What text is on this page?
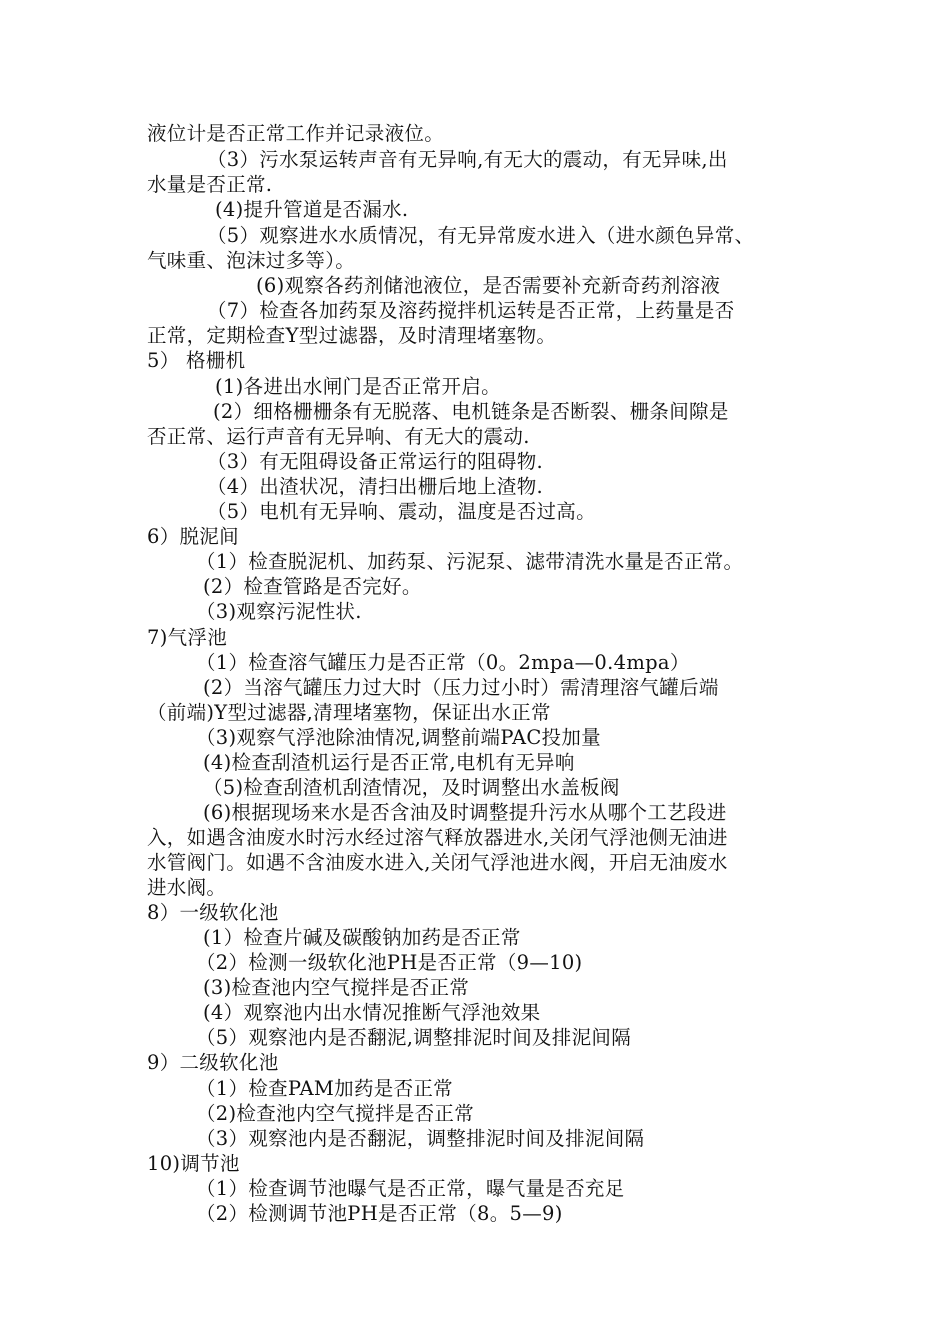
液位计是否正常工作并记录液位。
（3）污水泵运转声音有无异响,有无大的震动，有无异味,出
水量是否正常.
(4)提升管道是否漏水.
（5）观察进水水质情况，有无异常废水进入（进水颜色异常、
气味重、泡沫过多等）。
(6)观察各药剂储池液位，是否需要补充新奇药剂溶液
（7）检查各加药泵及溶药搅拌机运转是否正常，上药量是否
正常，定期检查Y型过滤器，及时清理堵塞物。
5） 格栅机
(1)各进出水闸门是否正常开启。
(2）细格栅栅条有无脱落、电机链条是否断裂、栅条间隙是
否正常、运行声音有无异响、有无大的震动.
（3）有无阻碍设备正常运行的阻碍物.
（4）出渣状况，清扫出栅后地上渣物.
（5）电机有无异响、震动，温度是否过高。
6）脱泥间
（1）检查脱泥机、加药泵、污泥泵、滤带清洗水量是否正常。
(2）检查管路是否完好。
（3)观察污泥性状.
7)气浮池
（1）检查溶气罐压力是否正常（0。2mpa—0.4mpa）
(2）当溶气罐压力过大时（压力过小时）需清理溶气罐后端
（前端)Y型过滤器,清理堵塞物，保证出水正常
（3)观察气浮池除油情况,调整前端PAC投加量
(4)检查刮渣机运行是否正常,电机有无异响
（5)检查刮渣机刮渣情况，及时调整出水盖板阀
(6)根据现场来水是否含油及时调整提升污水从哪个工艺段进
入，如遇含油废水时污水经过溶气释放器进水,关闭气浮池侧无油进
水管阀门。如遇不含油废水进入,关闭气浮池进水阀，开启无油废水
进水阀。
8）一级软化池
(1）检查片碱及碳酸钠加药是否正常
（2）检测一级软化池PH是否正常（9—10)
(3)检查池内空气搅拌是否正常
(4）观察池内出水情况推断气浮池效果
（5）观察池内是否翻泥,调整排泥时间及排泥间隔
9）二级软化池
（1）检查PAM加药是否正常
（2)检查池内空气搅拌是否正常
（3）观察池内是否翻泥，调整排泥时间及排泥间隔
10)调节池
（1）检查调节池曝气是否正常，曝气量是否充足
（2）检测调节池PH是否正常（8。5—9)
